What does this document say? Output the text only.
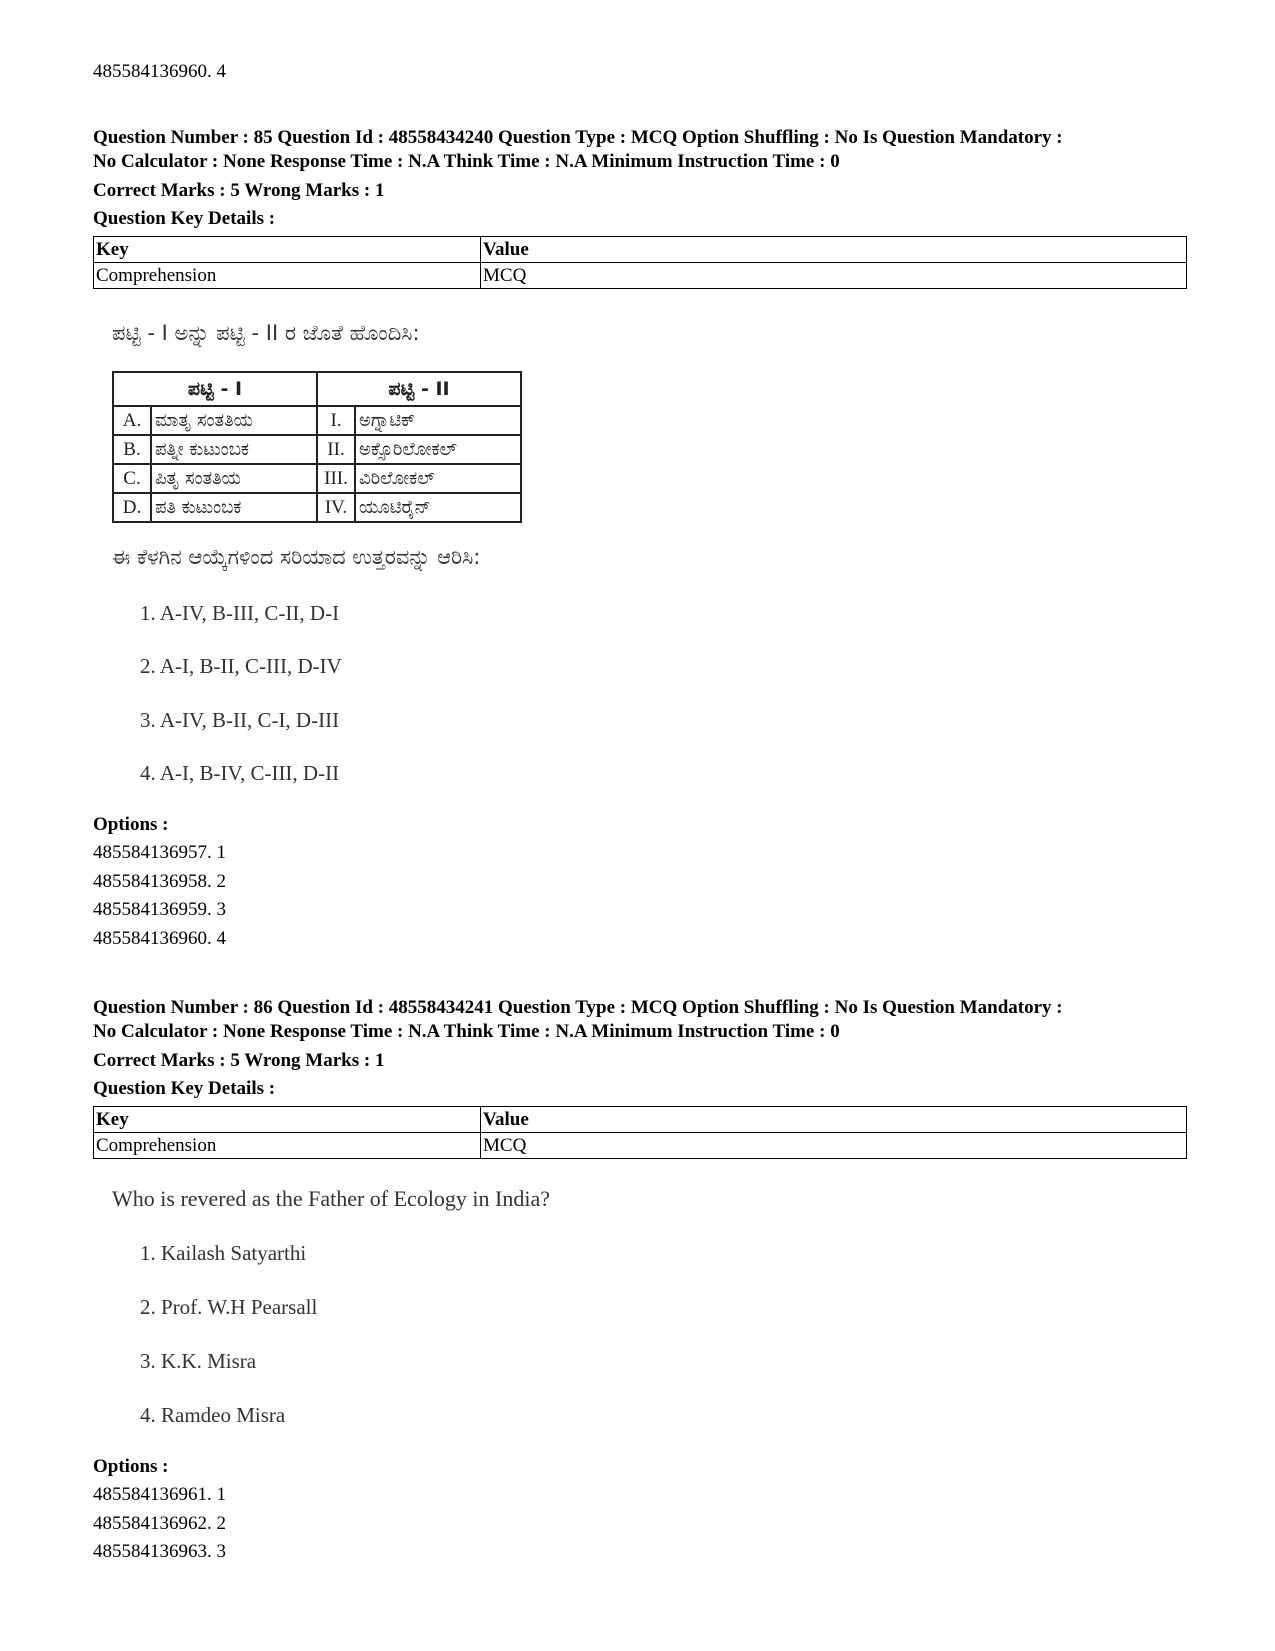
485584136960. 4
Question Number : 85 Question Id : 48558434240 Question Type : MCQ Option Shuffling : No Is Question Mandatory :
No Calculator : None Response Time : N.A Think Time : N.A Minimum Instruction Time : 0
Correct Marks : 5 Wrong Marks : 1
Question Key Details :
Key	Value
Comprehension	MCQ
ಪಟ್ಟಿ - I ಅನ್ನು ಪಟ್ಟಿ - II ರ ಜೊತೆ ಹೊಂದಿಸಿ:
ಪಟ್ಟಿ - I		ಪಟ್ಟಿ - II	
A.	ಮಾತೃ ಸಂತತಿಯ	I.	ಅಗ್ನಾಟಿಕ್
B.	ಪತ್ನೀ ಕುಟುಂಬಕ	II.	ಅಕ್ಸೊರಿಲೋಕಲ್
C.	ಪಿತೃ ಸಂತತಿಯ	III.	ವಿರಿಲೋಕಲ್
D.	ಪತಿ ಕುಟುಂಬಕ	IV.	ಯೂಟಿರೈನ್
ಈ ಕೆಳಗಿನ ಆಯ್ಕೆಗಳಿಂದ ಸರಿಯಾದ ಉತ್ತರವನ್ನು ಆರಿಸಿ:
1. A-IV, B-III, C-II, D-I
2. A-I, B-II, C-III, D-IV
3. A-IV, B-II, C-I, D-III
4. A-I, B-IV, C-III, D-II
Options :
485584136957. 1
485584136958. 2
485584136959. 3
485584136960. 4
Question Number : 86 Question Id : 48558434241 Question Type : MCQ Option Shuffling : No Is Question Mandatory :
No Calculator : None Response Time : N.A Think Time : N.A Minimum Instruction Time : 0
Correct Marks : 5 Wrong Marks : 1
Question Key Details :
Key	Value
Comprehension	MCQ
Who is revered as the Father of Ecology in India?
1. Kailash Satyarthi
2. Prof. W.H Pearsall
3. K.K. Misra
4. Ramdeo Misra
Options :
485584136961. 1
485584136962. 2
485584136963. 3
